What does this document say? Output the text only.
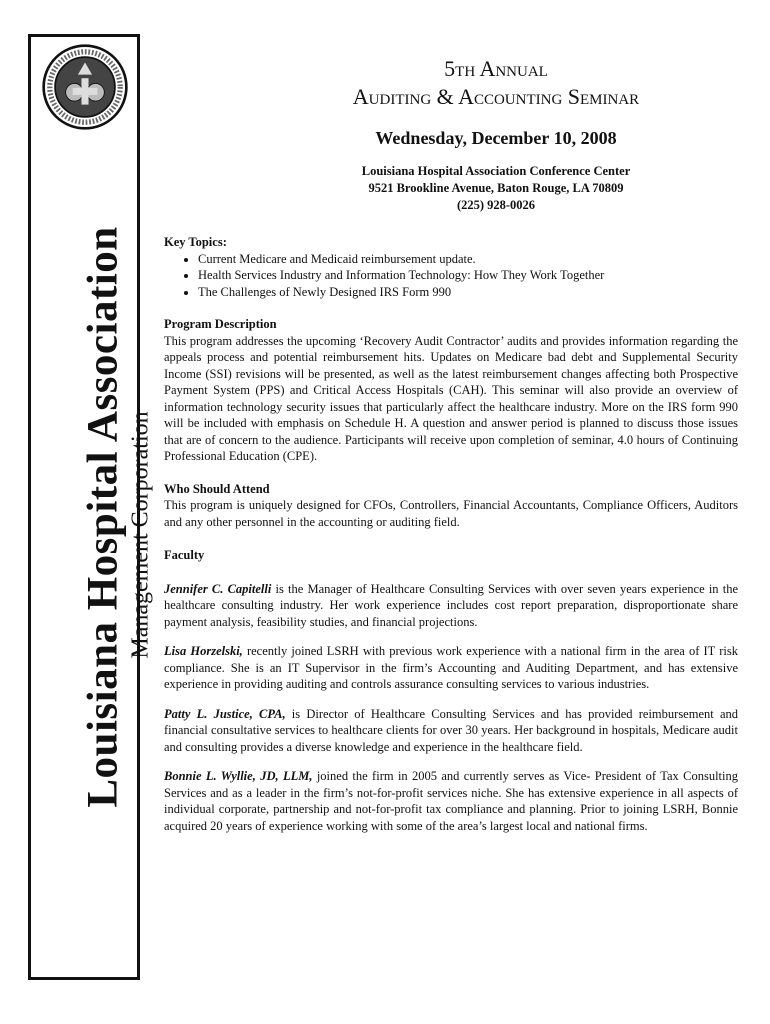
Louisiana Hospital Association Management Corporation
5th Annual
Auditing & Accounting Seminar
Wednesday, December 10, 2008
Louisiana Hospital Association Conference Center
9521 Brookline Avenue, Baton Rouge, LA 70809
(225) 928-0026
Key Topics:
• Current Medicare and Medicaid reimbursement update.
• Health Services Industry and Information Technology: How They Work Together
• The Challenges of Newly Designed IRS Form 990
Program Description

This program addresses the upcoming ‘Recovery Audit Contractor’ audits and provides information regarding the appeals process and potential reimbursement hits. Updates on Medicare bad debt and Supplemental Security Income (SSI) revisions will be presented, as well as the latest reimbursement changes affecting both Prospective Payment System (PPS) and Critical Access Hospitals (CAH). This seminar will also provide an overview of information technology security issues that particularly affect the healthcare industry. More on the IRS form 990 will be included with emphasis on Schedule H. A question and answer period is planned to discuss those issues that are of concern to the audience. Participants will receive upon completion of seminar, 4.0 hours of Continuing Professional Education (CPE).

Who Should Attend

This program is uniquely designed for CFOs, Controllers, Financial Accountants, Compliance Officers, Auditors and any other personnel in the accounting or auditing field.

Faculty

Jennifer C. Capitelli is the Manager of Healthcare Consulting Services with over seven years experience in the healthcare consulting industry. Her work experience includes cost report preparation, disproportionate share payment analysis, feasibility studies, and financial projections.

Lisa Horzelski, recently joined LSRH with previous work experience with a national firm in the area of IT risk compliance. She is an IT Supervisor in the firm’s Accounting and Auditing Department, and has extensive experience in providing auditing and controls assurance consulting services to various industries.

Patty L. Justice, CPA, is Director of Healthcare Consulting Services and has provided reimbursement and financial consultative services to healthcare clients for over 30 years. Her background in hospitals, Medicare audit and consulting provides a diverse knowledge and experience in the healthcare field.

Bonnie L. Wyllie, JD, LLM, joined the firm in 2005 and currently serves as Vice- President of Tax Consulting Services and as a leader in the firm’s not-for-profit services niche. She has extensive experience in all aspects of individual corporate, partnership and not-for-profit tax compliance and planning. Prior to joining LSRH, Bonnie acquired 20 years of experience working with some of the area’s largest local and national firms.
